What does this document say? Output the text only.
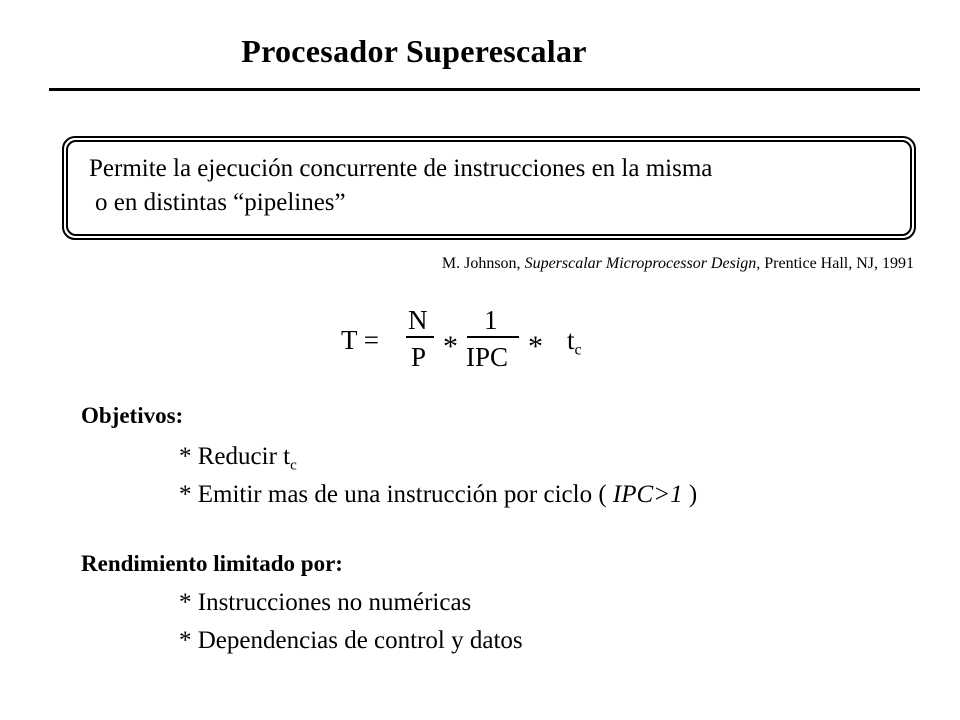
Procesador Superescalar
Permite la ejecución concurrente de instrucciones en la misma
o en distintas “pipelines”
M. Johnson, Superscalar Microprocessor Design, Prentice Hall, NJ, 1991
T =
N
P *
1
IPC * $t_c$
Objetivos:
* Reducir $t_c$
* Emitir mas de una instrucción por ciclo ( IPC>1 )
Rendimiento limitado por:
* Instrucciones no numéricas
* Dependencias de control y datos
